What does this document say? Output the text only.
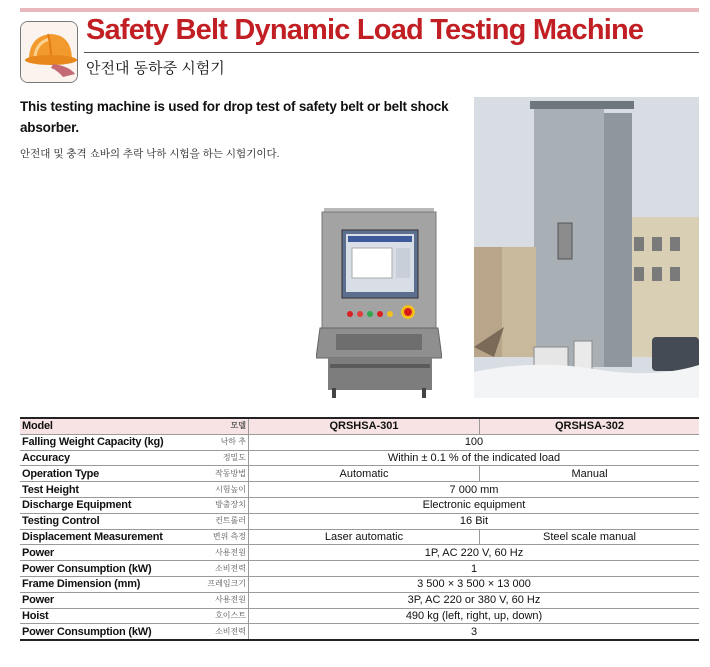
Safety Belt Dynamic Load Testing Machine
안전대 동하중 시험기
This testing machine is used for drop test of safety belt or belt shock absorber.
안전대 및 충격 쇼바의 추락 낙하 시험을 하는 시험기이다.
Model	모델	QRSHSA-301	QRSHSA-302
Falling Weight Capacity (kg)	낙하 추	100	
Accuracy	정밀도	Within ± 0.1 % of the indicated load	
Operation Type	작동방법	Automatic	Manual
Test Height	시험높이	7 000 mm	
Discharge Equipment	방출장치	Electronic equipment	
Testing Control	컨트롤러	16 Bit	
Displacement Measurement	변위 측정	Laser automatic	Steel scale manual
Power	사용전원	1P, AC 220 V, 60 Hz	
Power Consumption (kW)	소비전력	1	
Frame Dimension (mm)	프레임크기	3 500 × 3 500 × 13 000	
Power	사용전원	3P, AC 220 or 380 V, 60 Hz	
Hoist	호이스트	490 kg (left, right, up, down)	
Power Consumption (kW)	소비전력	3	
